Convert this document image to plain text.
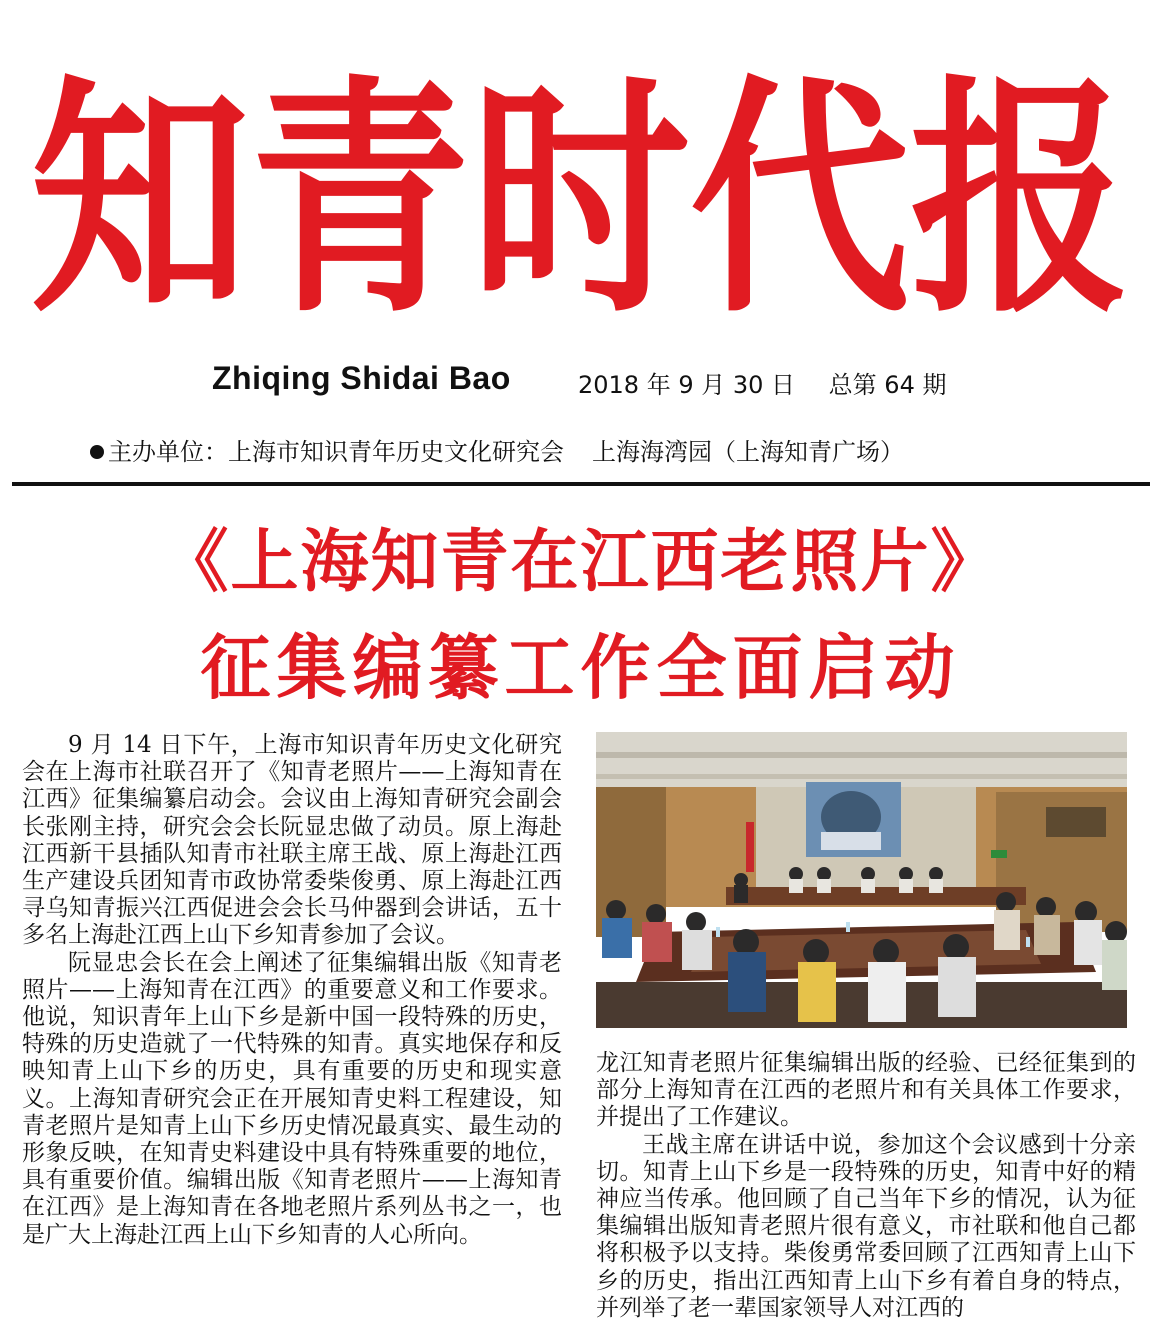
知青时代报
Zhiqing Shidai Bao	2018 年 9 月 30 日 总第 64 期
主办单位：上海市知识青年历史文化研究会 上海海湾园（上海知青广场）
《上海知青在江西老照片》
征集编纂工作全面启动

9 月 14 日下午，上海市知识青年历史文化研究会在上海市社联召开了《知青老照片——上海知青在江西》征集编纂启动会。会议由上海知青研究会副会长张刚主持，研究会会长阮显忠做了动员。原上海赴江西新干县插队知青市社联主席王战、原上海赴江西生产建设兵团知青市政协常委柴俊勇、原上海赴江西寻乌知青振兴江西促进会会长马仲器到会讲话，五十多名上海赴江西上山下乡知青参加了会议。

阮显忠会长在会上阐述了征集编辑出版《知青老照片——上海知青在江西》的重要意义和工作要求。他说，知识青年上山下乡是新中国一段特殊的历史，特殊的历史造就了一代特殊的知青。真实地保存和反映知青上山下乡的历史，具有重要的历史和现实意义。上海知青研究会正在开展知青史料工程建设，知青老照片是知青上山下乡历史情况最真实、最生动的形象反映，在知青史料建设中具有特殊重要的地位，具有重要价值。编辑出版《知青老照片——上海知青在江西》是上海知青在各地老照片系列丛书之一，也是广大上海赴江西上山下乡知青的人心所向。

龙江知青老照片征集编辑出版的经验、已经征集到的部分上海知青在江西的老照片和有关具体工作要求，并提出了工作建议。

王战主席在讲话中说，参加这个会议感到十分亲切。知青上山下乡是一段特殊的历史，知青中好的精神应当传承。他回顾了自己当年下乡的情况，认为征集编辑出版知青老照片很有意义，市社联和他自己都将积极予以支持。柴俊勇常委回顾了江西知青上山下乡的历史，指出江西知青上山下乡有着自身的特点，并列举了老一辈国家领导人对江西的
